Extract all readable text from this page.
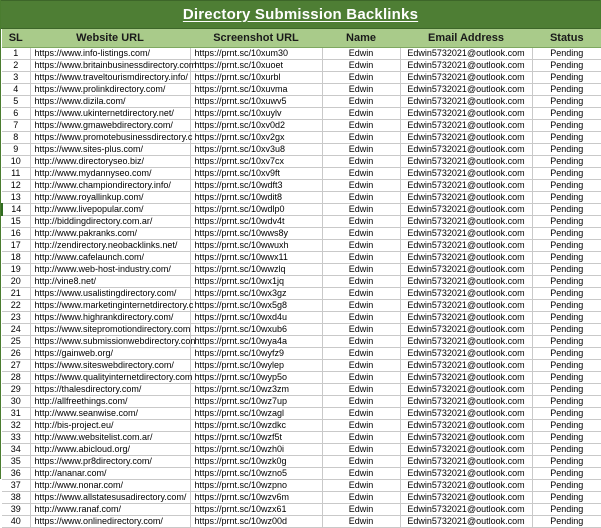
Directory Submission Backlinks
SL	Website URL	Screenshot URL	Name	Email Address	Status
1	https://www.info-listings.com/	https://prnt.sc/10xum30	Edwin	Edwin5732021@outlook.com	Pending
2	https://www.britainbusinessdirectory.com	https://prnt.sc/10xuoet	Edwin	Edwin5732021@outlook.com	Pending
3	https://www.traveltourismdirectory.info/	https://prnt.sc/10xurbl	Edwin	Edwin5732021@outlook.com	Pending
4	https://www.prolinkdirectory.com/	https://prnt.sc/10xuvma	Edwin	Edwin5732021@outlook.com	Pending
5	https://www.dizila.com/	https://prnt.sc/10xuwv5	Edwin	Edwin5732021@outlook.com	Pending
6	https://www.ukinternetdirectory.net/	https://prnt.sc/10xuylv	Edwin	Edwin5732021@outlook.com	Pending
7	https://www.gmawebdirectory.com/	https://prnt.sc/10xv0d2	Edwin	Edwin5732021@outlook.com	Pending
8	https://www.promotebusinessdirectory.c	https://prnt.sc/10xv2gx	Edwin	Edwin5732021@outlook.com	Pending
9	https://www.sites-plus.com/	https://prnt.sc/10xv3u8	Edwin	Edwin5732021@outlook.com	Pending
10	http://www.directoryseo.biz/	https://prnt.sc/10xv7cx	Edwin	Edwin5732021@outlook.com	Pending
11	http://www.mydannyseo.com/	https://prnt.sc/10xv9ft	Edwin	Edwin5732021@outlook.com	Pending
12	http://www.championdirectory.info/	https://prnt.sc/10wdft3	Edwin	Edwin5732021@outlook.com	Pending
13	http://www.royallinkup.com/	https://prnt.sc/10wdit8	Edwin	Edwin5732021@outlook.com	Pending
14	http://www.livepopular.com/	https://prnt.sc/10wdlp0	Edwin	Edwin5732021@outlook.com	Pending
15	http://biddingdirectory.com.ar/	https://prnt.sc/10wdv4t	Edwin	Edwin5732021@outlook.com	Pending
16	http://www.pakranks.com/	https://prnt.sc/10wws8y	Edwin	Edwin5732021@outlook.com	Pending
17	http://zendirectory.neobacklinks.net/	https://prnt.sc/10wwuxh	Edwin	Edwin5732021@outlook.com	Pending
18	http://www.cafelaunch.com/	https://prnt.sc/10wwx11	Edwin	Edwin5732021@outlook.com	Pending
19	http://www.web-host-industry.com/	https://prnt.sc/10wwzlq	Edwin	Edwin5732021@outlook.com	Pending
20	http://vine8.net/	https://prnt.sc/10wx1jq	Edwin	Edwin5732021@outlook.com	Pending
21	https://www.usalistingdirectory.com/	https://prnt.sc/10wx3gz	Edwin	Edwin5732021@outlook.com	Pending
22	https://www.marketinginternetdirectory.c	https://prnt.sc/10wx5g8	Edwin	Edwin5732021@outlook.com	Pending
23	https://www.highrankdirectory.com/	https://prnt.sc/10wxd4u	Edwin	Edwin5732021@outlook.com	Pending
24	https://www.sitepromotiondirectory.com	https://prnt.sc/10wxub6	Edwin	Edwin5732021@outlook.com	Pending
25	https://www.submissionwebdirectory.con	https://prnt.sc/10wya4a	Edwin	Edwin5732021@outlook.com	Pending
26	https://gainweb.org/	https://prnt.sc/10wyfz9	Edwin	Edwin5732021@outlook.com	Pending
27	https://www.siteswebdirectory.com/	https://prnt.sc/10wylep	Edwin	Edwin5732021@outlook.com	Pending
28	https://www.qualityinternetdirectory.com	https://prnt.sc/10wyp5o	Edwin	Edwin5732021@outlook.com	Pending
29	https://thalesdirectory.com/	https://prnt.sc/10wz3zm	Edwin	Edwin5732021@outlook.com	Pending
30	http://allfreethings.com/	https://prnt.sc/10wz7up	Edwin	Edwin5732021@outlook.com	Pending
31	http://www.seanwise.com/	https://prnt.sc/10wzagl	Edwin	Edwin5732021@outlook.com	Pending
32	http://bis-project.eu/	https://prnt.sc/10wzdkc	Edwin	Edwin5732021@outlook.com	Pending
33	http://www.websitelist.com.ar/	https://prnt.sc/10wzf5t	Edwin	Edwin5732021@outlook.com	Pending
34	http://www.abicloud.org/	https://prnt.sc/10wzh0i	Edwin	Edwin5732021@outlook.com	Pending
35	https://www.pr8directory.com/	https://prnt.sc/10wzk0g	Edwin	Edwin5732021@outlook.com	Pending
36	http://ananar.com/	https://prnt.sc/10wzno5	Edwin	Edwin5732021@outlook.com	Pending
37	http://www.nonar.com/	https://prnt.sc/10wzpno	Edwin	Edwin5732021@outlook.com	Pending
38	https://www.allstatesusadirectory.com/	https://prnt.sc/10wzv6m	Edwin	Edwin5732021@outlook.com	Pending
39	http://www.ranaf.com/	https://prnt.sc/10wzx61	Edwin	Edwin5732021@outlook.com	Pending
40	https://www.onlinedirectory.com/	https://prnt.sc/10wz00d	Edwin	Edwin5732021@outlook.com	Pending
